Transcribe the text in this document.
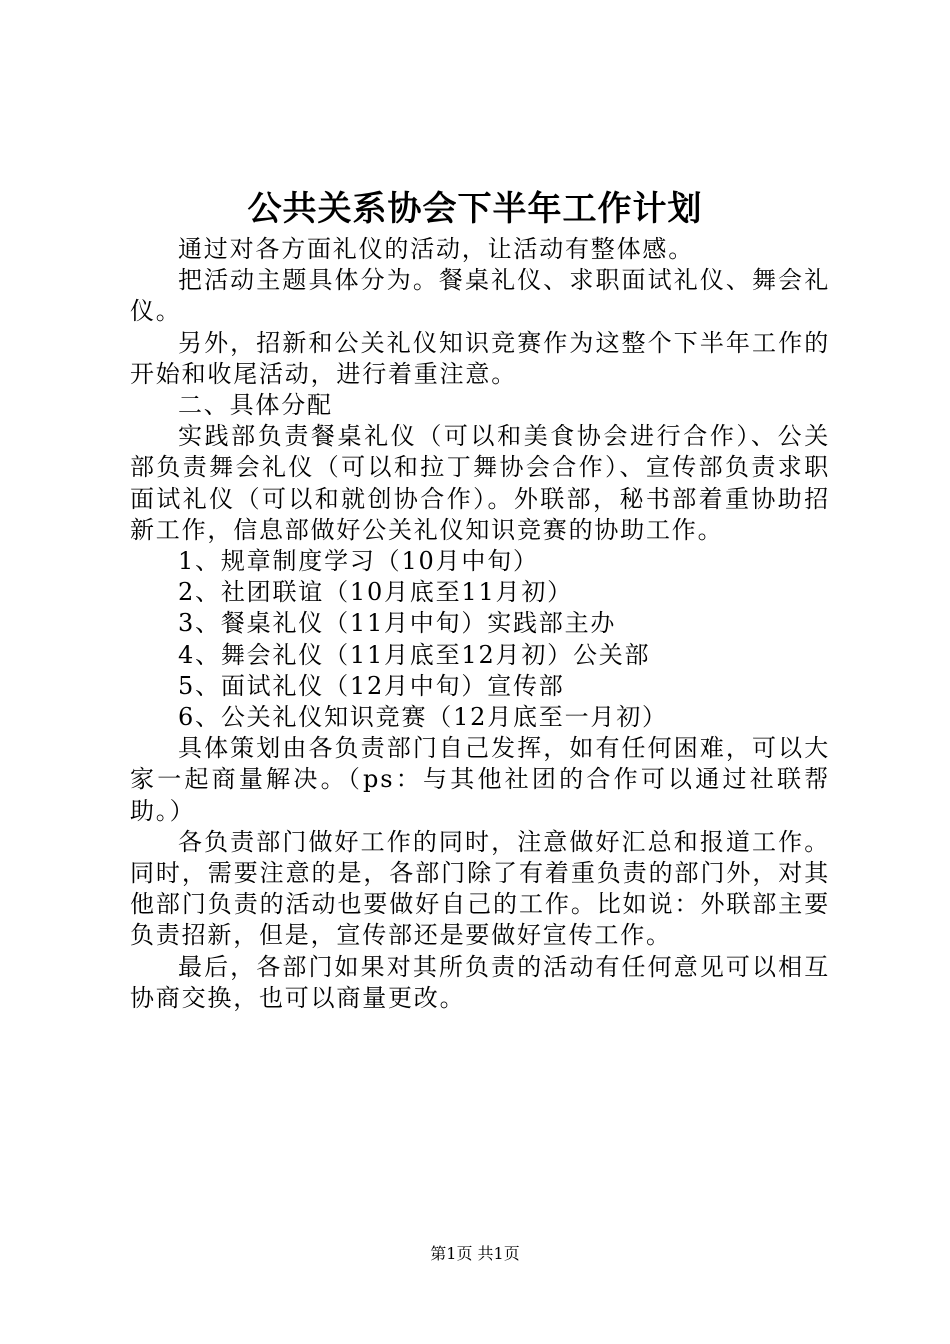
公共关系协会下半年工作计划

通过对各方面礼仪的活动，让活动有整体感。

把活动主题具体分为。餐桌礼仪、求职面试礼仪、舞会礼仪。

另外，招新和公关礼仪知识竞赛作为这整个下半年工作的开始和收尾活动，进行着重注意。

二、具体分配

实践部负责餐桌礼仪（可以和美食协会进行合作）、公关部负责舞会礼仪（可以和拉丁舞协会合作）、宣传部负责求职面试礼仪（可以和就创协合作）。外联部，秘书部着重协助招新工作，信息部做好公关礼仪知识竞赛的协助工作。

1、规章制度学习（10月中旬）

2、社团联谊（10月底至11月初）

3、餐桌礼仪（11月中旬）实践部主办

4、舞会礼仪（11月底至12月初）公关部

5、面试礼仪（12月中旬）宣传部

6、公关礼仪知识竞赛（12月底至一月初）

具体策划由各负责部门自己发挥，如有任何困难，可以大家一起商量解决。（ps：与其他社团的合作可以通过社联帮助。）

各负责部门做好工作的同时，注意做好汇总和报道工作。同时，需要注意的是，各部门除了有着重负责的部门外，对其他部门负责的活动也要做好自己的工作。比如说：外联部主要负责招新，但是，宣传部还是要做好宣传工作。

最后，各部门如果对其所负责的活动有任何意见可以相互协商交换，也可以商量更改。

第1页 共1页
